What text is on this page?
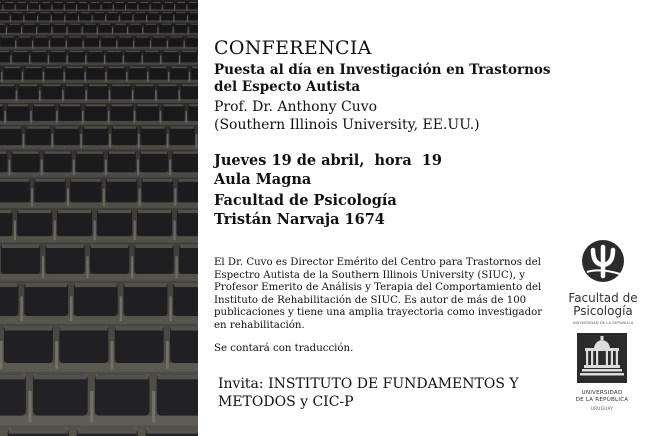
CONFERENCIA
Puesta al día en Investigación en Trastornos del Especto Autista
Prof. Dr. Anthony Cuvo
(Southern Illinois University, EE.UU.)
Jueves 19 de abril,  hora  19
Aula Magna
Facultad de Psicología
Tristán Narvaja 1674
El Dr. Cuvo es Director Emérito del Centro para Trastornos del Espectro Autista de la Southern Illinois University (SIUC), y Profesor Emerito de Análisis y Terapia del Comportamiento del Instituto de Rehabilitación de SIUC. Es autor de más de 100 publicaciones y tiene una amplia trayectoria como investigador en rehabilitación.
Se contará con traducción.
Invita: INSTITUTO DE FUNDAMENTOS Y METODOS y CIC-P
Facultad de
Psicología
UNIVERSIDAD DE LA REPÚBLICA
UNIVERSIDAD
DE LA REPÚBLICA
URUGUAY
